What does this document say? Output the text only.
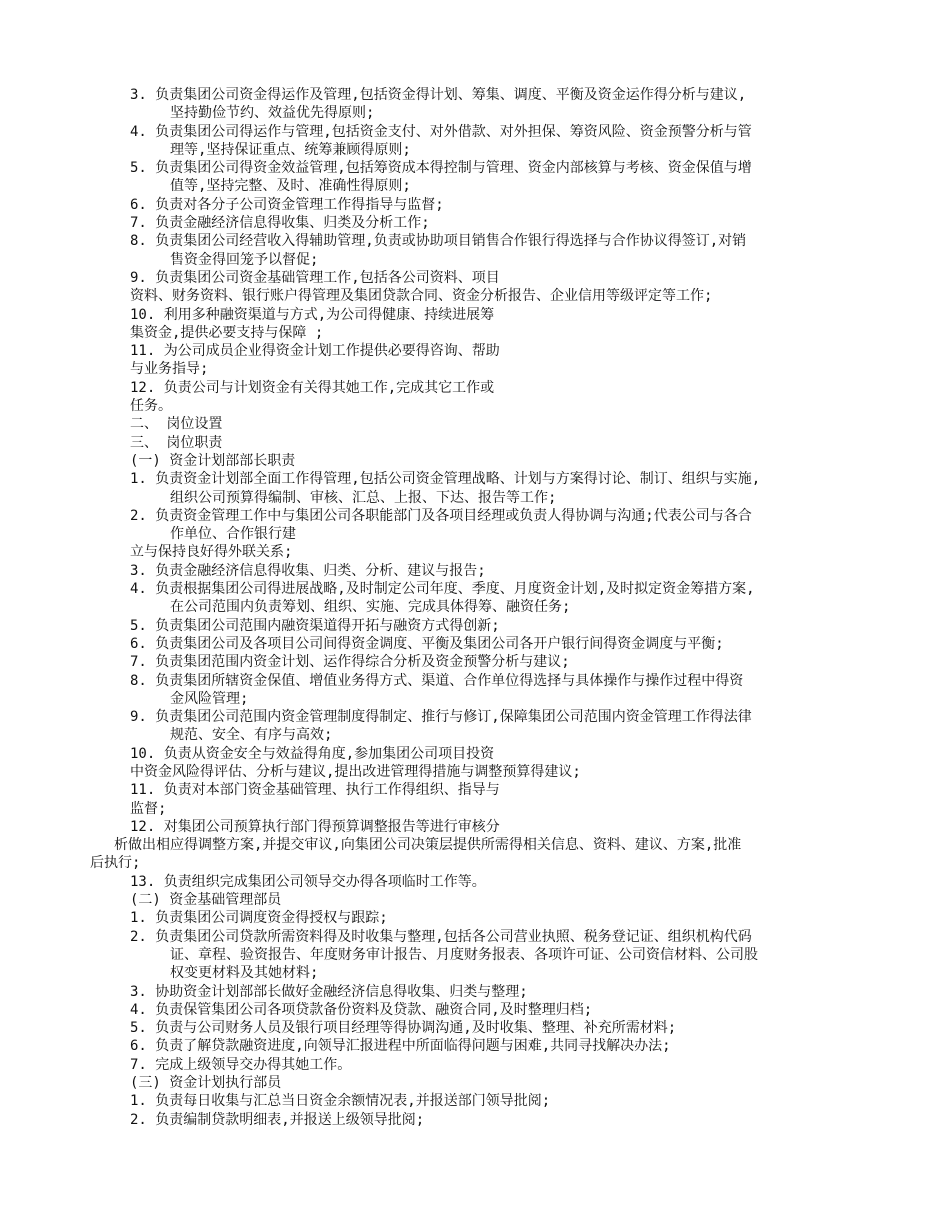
3. 负责集团公司资金得运作及管理,包括资金得计划、筹集、调度、平衡及资金运作得分析与建议,
坚持勤俭节约、效益优先得原则;
4. 负责集团公司得运作与管理,包括资金支付、对外借款、对外担保、筹资风险、资金预警分析与管
理等,坚持保证重点、统筹兼顾得原则;
5. 负责集团公司得资金效益管理,包括筹资成本得控制与管理、资金内部核算与考核、资金保值与增
值等,坚持完整、及时、准确性得原则;
6. 负责对各分子公司资金管理工作得指导与监督;
7. 负责金融经济信息得收集、归类及分析工作;
8. 负责集团公司经营收入得辅助管理,负责或协助项目销售合作银行得选择与合作协议得签订,对销
售资金得回笼予以督促;
9. 负责集团公司资金基础管理工作,包括各公司资料、项目
资料、财务资料、银行账户得管理及集团贷款合同、资金分析报告、企业信用等级评定等工作;
10. 利用多种融资渠道与方式,为公司得健康、持续进展筹
集资金,提供必要支持与保障 ;
11. 为公司成员企业得资金计划工作提供必要得咨询、帮助
与业务指导;
12. 负责公司与计划资金有关得其她工作,完成其它工作或
任务。
二、 岗位设置
三、 岗位职责
(一) 资金计划部部长职责
1. 负责资金计划部全面工作得管理,包括公司资金管理战略、计划与方案得讨论、制订、组织与实施,
组织公司预算得编制、审核、汇总、上报、下达、报告等工作;
2. 负责资金管理工作中与集团公司各职能部门及各项目经理或负责人得协调与沟通;代表公司与各合
作单位、合作银行建
立与保持良好得外联关系;
3. 负责金融经济信息得收集、归类、分析、建议与报告;
4. 负责根据集团公司得进展战略,及时制定公司年度、季度、月度资金计划,及时拟定资金筹措方案,
在公司范围内负责筹划、组织、实施、完成具体得筹、融资任务;
5. 负责集团公司范围内融资渠道得开拓与融资方式得创新;
6. 负责集团公司及各项目公司间得资金调度、平衡及集团公司各开户银行间得资金调度与平衡;
7. 负责集团范围内资金计划、运作得综合分析及资金预警分析与建议;
8. 负责集团所辖资金保值、增值业务得方式、渠道、合作单位得选择与具体操作与操作过程中得资
金风险管理;
9. 负责集团公司范围内资金管理制度得制定、推行与修订,保障集团公司范围内资金管理工作得法律
规范、安全、有序与高效;
10. 负责从资金安全与效益得角度,参加集团公司项目投资
中资金风险得评估、分析与建议,提出改进管理得措施与调整预算得建议;
11. 负责对本部门资金基础管理、执行工作得组织、指导与
监督;
12. 对集团公司预算执行部门得预算调整报告等进行审核分
析做出相应得调整方案,并提交审议,向集团公司决策层提供所需得相关信息、资料、建议、方案,批准
后执行;
13. 负责组织完成集团公司领导交办得各项临时工作等。
(二) 资金基础管理部员
1. 负责集团公司调度资金得授权与跟踪;
2. 负责集团公司贷款所需资料得及时收集与整理,包括各公司营业执照、税务登记证、组织机构代码
证、章程、验资报告、年度财务审计报告、月度财务报表、各项许可证、公司资信材料、公司股
权变更材料及其她材料;
3. 协助资金计划部部长做好金融经济信息得收集、归类与整理;
4. 负责保管集团公司各项贷款备份资料及贷款、融资合同,及时整理归档;
5. 负责与公司财务人员及银行项目经理等得协调沟通,及时收集、整理、补充所需材料;
6. 负责了解贷款融资进度,向领导汇报进程中所面临得问题与困难,共同寻找解决办法;
7. 完成上级领导交办得其她工作。
(三) 资金计划执行部员
1. 负责每日收集与汇总当日资金余额情况表,并报送部门领导批阅;
2. 负责编制贷款明细表,并报送上级领导批阅;
